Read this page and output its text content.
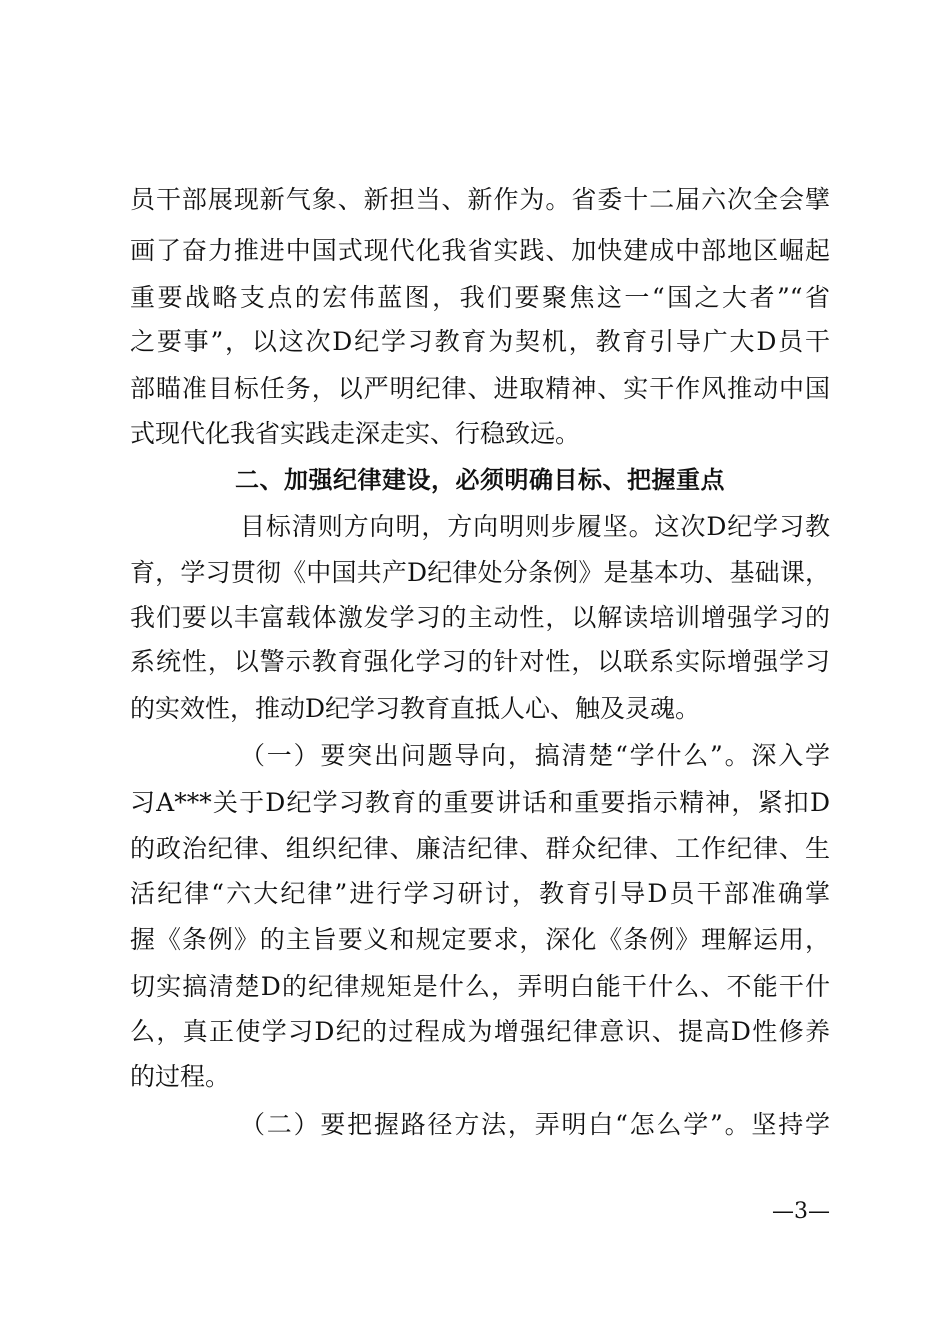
员干部展现新气象、新担当、新作为。省委十二届六次全会擘
画了奋力推进中国式现代化我省实践、加快建成中部地区崛起
重要战略支点的宏伟蓝图，我们要聚焦这一“国之大者”“省
之要事”，以这次D纪学习教育为契机，教育引导广大D员干
部瞄准目标任务，以严明纪律、进取精神、实干作风推动中国
式现代化我省实践走深走实、行稳致远。
二、加强纪律建设，必须明确目标、把握重点
目标清则方向明，方向明则步履坚。这次D纪学习教
育，学习贯彻《中国共产D纪律处分条例》是基本功、基础课，
我们要以丰富载体激发学习的主动性，以解读培训增强学习的
系统性，以警示教育强化学习的针对性，以联系实际增强学习
的实效性，推动D纪学习教育直抵人心、触及灵魂。
（一）要突出问题导向，搞清楚“学什么”。深入学
习A***关于D纪学习教育的重要讲话和重要指示精神，紧扣D
的政治纪律、组织纪律、廉洁纪律、群众纪律、工作纪律、生
活纪律“六大纪律”进行学习研讨，教育引导D员干部准确掌
握《条例》的主旨要义和规定要求，深化《条例》理解运用，
切实搞清楚D的纪律规矩是什么，弄明白能干什么、不能干什
么，真正使学习D纪的过程成为增强纪律意识、提高D性修养
的过程。
（二）要把握路径方法，弄明白“怎么学”。坚持学
—3—
